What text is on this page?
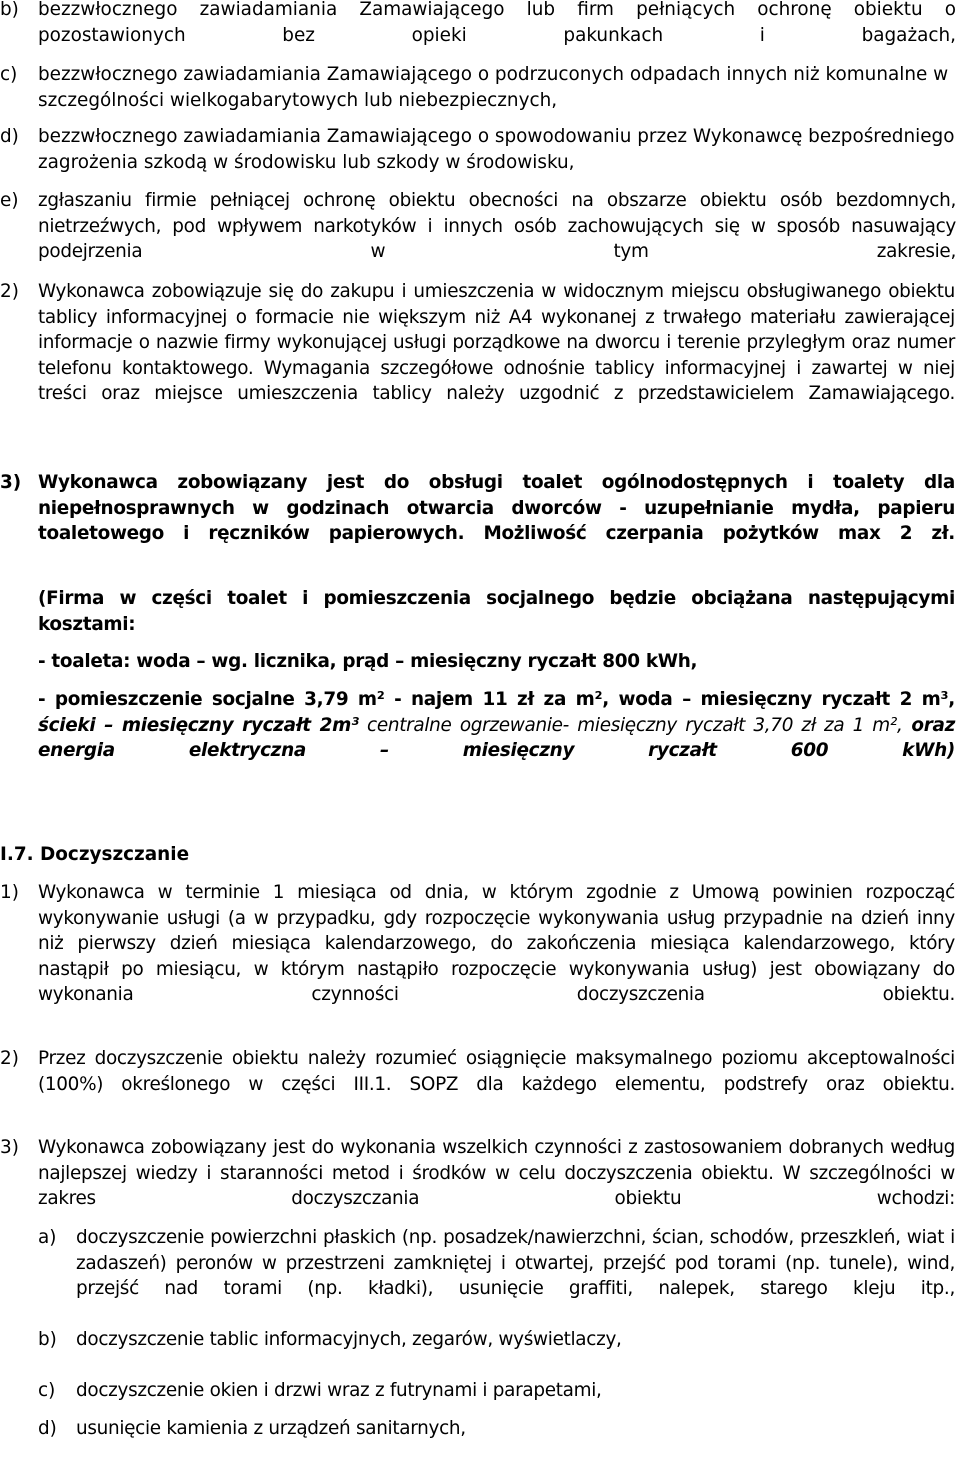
b) bezzwłocznego zawiadamiania Zamawiającego lub firm pełniących ochronę obiektu o pozostawionych bez opieki pakunkach i bagażach,
c) bezzwłocznego zawiadamiania Zamawiającego o podrzuconych odpadach innych niż komunalne w szczególności wielkogabarytowych lub niebezpiecznych,
d) bezzwłocznego zawiadamiania Zamawiającego o spowodowaniu przez Wykonawcę bezpośredniego zagrożenia szkodą w środowisku lub szkody w środowisku,
e) zgłaszaniu firmie pełniącej ochronę obiektu obecności na obszarze obiektu osób bezdomnych, nietrzeźwych, pod wpływem narkotyków i innych osób zachowujących się w sposób nasuwający podejrzenia w tym zakresie,
2) Wykonawca zobowiązuje się do zakupu i umieszczenia w widocznym miejscu obsługiwanego obiektu tablicy informacyjnej o formacie nie większym niż A4 wykonanej z trwałego materiału zawierającej informacje o nazwie firmy wykonującej usługi porządkowe na dworcu i terenie przyległym oraz numer telefonu kontaktowego. Wymagania szczegółowe odnośnie tablicy informacyjnej i zawartej w niej treści oraz miejsce umieszczenia tablicy należy uzgodnić z przedstawicielem Zamawiającego.
3) Wykonawca zobowiązany jest do obsługi toalet ogólnodostępnych i toalety dla niepełnosprawnych w godzinach otwarcia dworców - uzupełnianie mydła, papieru toaletowego i ręczników papierowych. Możliwość czerpania pożytków max 2 zł.
(Firma w części toalet i pomieszczenia socjalnego będzie obciążana następującymi kosztami:
- toaleta: woda – wg. licznika, prąd – miesięczny ryczałt 800 kWh,
- pomieszczenie socjalne 3,79 m² - najem 11 zł za m², woda – miesięczny ryczałt 2 m³, ścieki – miesięczny ryczałt 2m³ centralne ogrzewanie- miesięczny ryczałt 3,70 zł za 1 m², oraz energia elektryczna – miesięczny ryczałt 600 kWh)
I.7. Doczyszczanie
1) Wykonawca w terminie 1 miesiąca od dnia, w którym zgodnie z Umową powinien rozpocząć wykonywanie usługi (a w przypadku, gdy rozpoczęcie wykonywania usług przypadnie na dzień inny niż pierwszy dzień miesiąca kalendarzowego, do zakończenia miesiąca kalendarzowego, który nastąpił po miesiącu, w którym nastąpiło rozpoczęcie wykonywania usług) jest obowiązany do wykonania czynności doczyszczenia obiektu.
2) Przez doczyszczenie obiektu należy rozumieć osiągnięcie maksymalnego poziomu akceptowalności (100%) określonego w części III.1. SOPZ dla każdego elementu, podstrefy oraz obiektu.
3) Wykonawca zobowiązany jest do wykonania wszelkich czynności z zastosowaniem dobranych według najlepszej wiedzy i staranności metod i środków w celu doczyszczenia obiektu. W szczególności w zakres doczyszczania obiektu wchodzi:
a) doczyszczenie powierzchni płaskich (np. posadzek/nawierzchni, ścian, schodów, przeszkleń, wiat i zadaszeń) peronów w przestrzeni zamkniętej i otwartej, przejść pod torami (np. tunele), wind, przejść nad torami (np. kładki), usunięcie graffiti, nalepek, starego kleju itp.,
b) doczyszczenie tablic informacyjnych, zegarów, wyświetlaczy,
c) doczyszczenie okien i drzwi wraz z futrynami i parapetami,
d) usunięcie kamienia z urządzeń sanitarnych,
